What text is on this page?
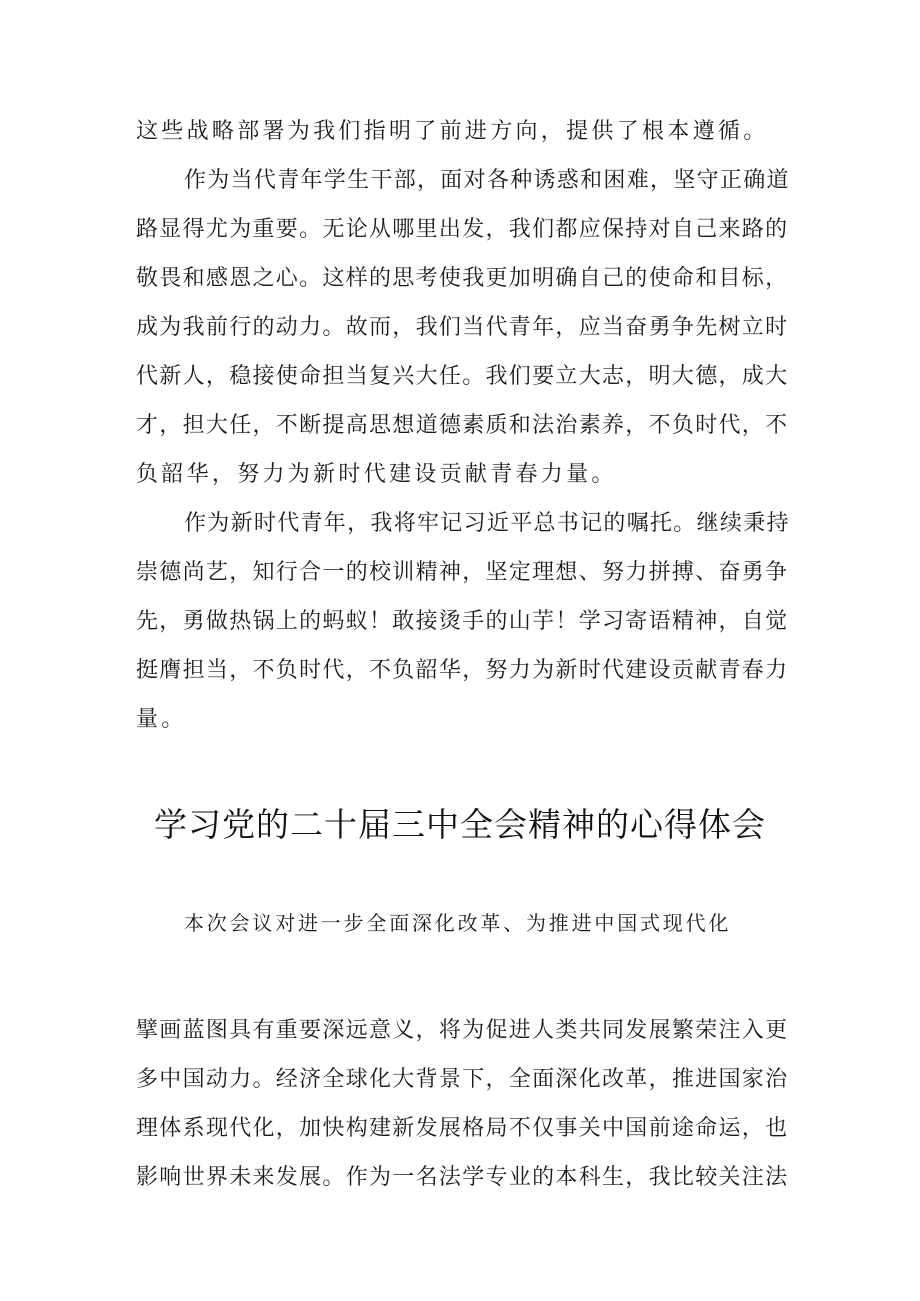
这些战略部署为我们指明了前进方向，提供了根本遵循。

作为当代青年学生干部，面对各种诱惑和困难，坚守正确道

路显得尤为重要。无论从哪里出发，我们都应保持对自己来路的

敬畏和感恩之心。这样的思考使我更加明确自己的使命和目标，

成为我前行的动力。故而，我们当代青年，应当奋勇争先树立时

代新人，稳接使命担当复兴大任。我们要立大志，明大德，成大

才，担大任，不断提高思想道德素质和法治素养，不负时代，不

负韶华，努力为新时代建设贡献青春力量。

作为新时代青年，我将牢记习近平总书记的嘱托。继续秉持

崇德尚艺，知行合一的校训精神，坚定理想、努力拼搏、奋勇争

先，勇做热锅上的蚂蚁！敢接烫手的山芋！学习寄语精神，自觉

挺膺担当，不负时代，不负韶华，努力为新时代建设贡献青春力

量。

学习党的二十届三中全会精神的心得体会

本次会议对进一步全面深化改革、为推进中国式现代化

擘画蓝图具有重要深远意义，将为促进人类共同发展繁荣注入更

多中国动力。经济全球化大背景下，全面深化改革，推进国家治

理体系现代化，加快构建新发展格局不仅事关中国前途命运，也

影响世界未来发展。作为一名法学专业的本科生，我比较关注法
